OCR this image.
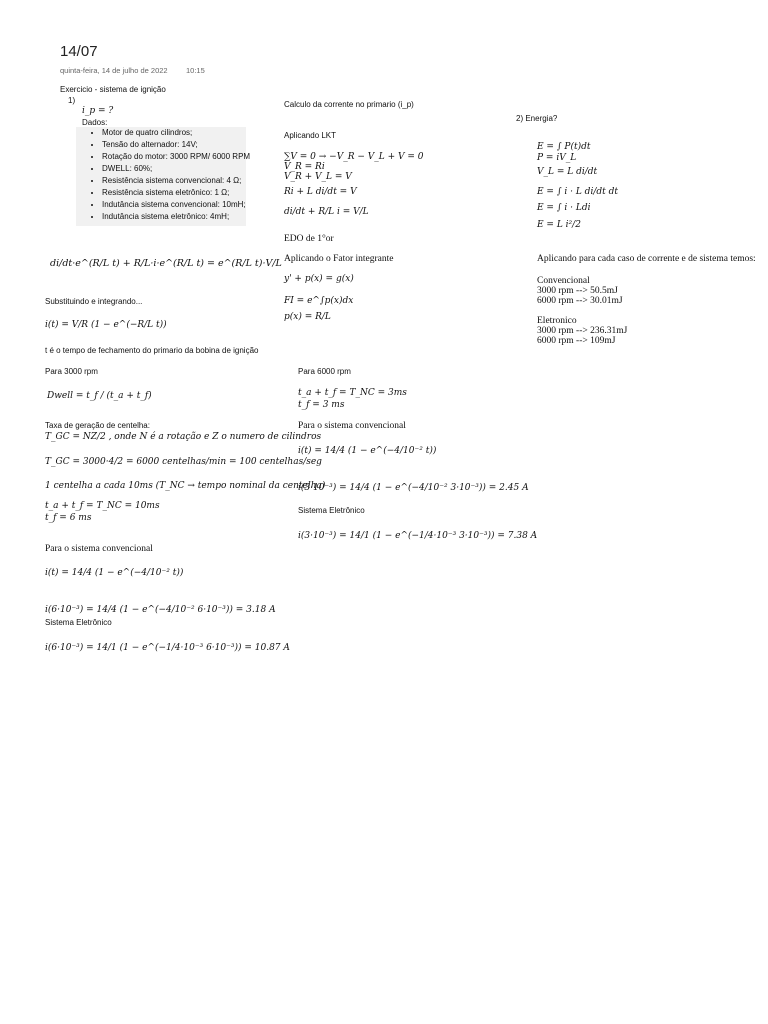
14/07
quinta-feira, 14 de julho de 2022 10:15
Exercicio - sistema de ignição
1)
i_p = ?
Dados:
• Motor de quatro cilindros;
• Tensão do alternador: 14V;
• Rotação do motor: 3000 RPM/ 6000 RPM
• DWELL: 60%;
• Resistência sistema convencional: 4 Ω;
• Resistência sistema eletrônico: 1 Ω;
• Indutância sistema convencional: 10mH;
• Indutância sistema eletrônico: 4mH;
di/dt·e^(R/L t) + R/L·i·e^(R/L t) = e^(R/L t)·V/L
Substituindo e integrando...
i(t) = V/R (1 − e^(−R/L t))
t é o tempo de fechamento do primario da bobina de ignição
Para 3000 rpm
Dwell = t_f / (t_a + t_f)
Taxa de geração de centelha:
T_GC = NZ/2 , onde N é a rotação e Z o numero de cilindros
T_GC = 3000·4/2 = 6000 centelhas/min = 100 centelhas/seg
1 centelha a cada 10ms (T_NC → tempo nominal da centelha)
t_a + t_f = T_NC = 10ms
t_f = 6 ms
Para o sistema convencional
i(t) = 14/4 (1 − e^(−4/10⁻² t))
i(6·10⁻³) = 14/4 (1 − e^(−4/10⁻² 6·10⁻³)) = 3.18 A
Sistema Eletrônico
i(6·10⁻³) = 14/1 (1 − e^(−1/4·10⁻³ 6·10⁻³)) = 10.87 A
Calculo da corrente no primario (i_p)
Aplicando LKT
∑V = 0 → −V_R − V_L + V = 0
V_R = Ri
V_R + V_L = V
Ri + L di/dt = V
di/dt + R/L i = V/L
EDO de 1°or
Aplicando o Fator integrante
y' + p(x) = g(x)
FI = e^∫p(x)dx
p(x) = R/L
Para 6000 rpm
t_a + t_f = T_NC = 3ms
t_f = 3 ms
Para o sistema convencional
i(t) = 14/4 (1 − e^(−4/10⁻² t))
i(3·10⁻³) = 14/4 (1 − e^(−4/10⁻² 3·10⁻³)) = 2.45 A
Sistema Eletrônico
i(3·10⁻³) = 14/1 (1 − e^(−1/4·10⁻³ 3·10⁻³)) = 7.38 A
2) Energia?
E = ∫ P(t)dt
P = iV_L
V_L = L di/dt
E = ∫ i · L di/dt dt
E = ∫ i · Ldi
E = L i²/2
Aplicando para cada caso de corrente e de sistema temos:
Convencional
3000 rpm --> 50.5mJ
6000 rpm --> 30.01mJ
Eletronico
3000 rpm --> 236.31mJ
6000 rpm --> 109mJ
